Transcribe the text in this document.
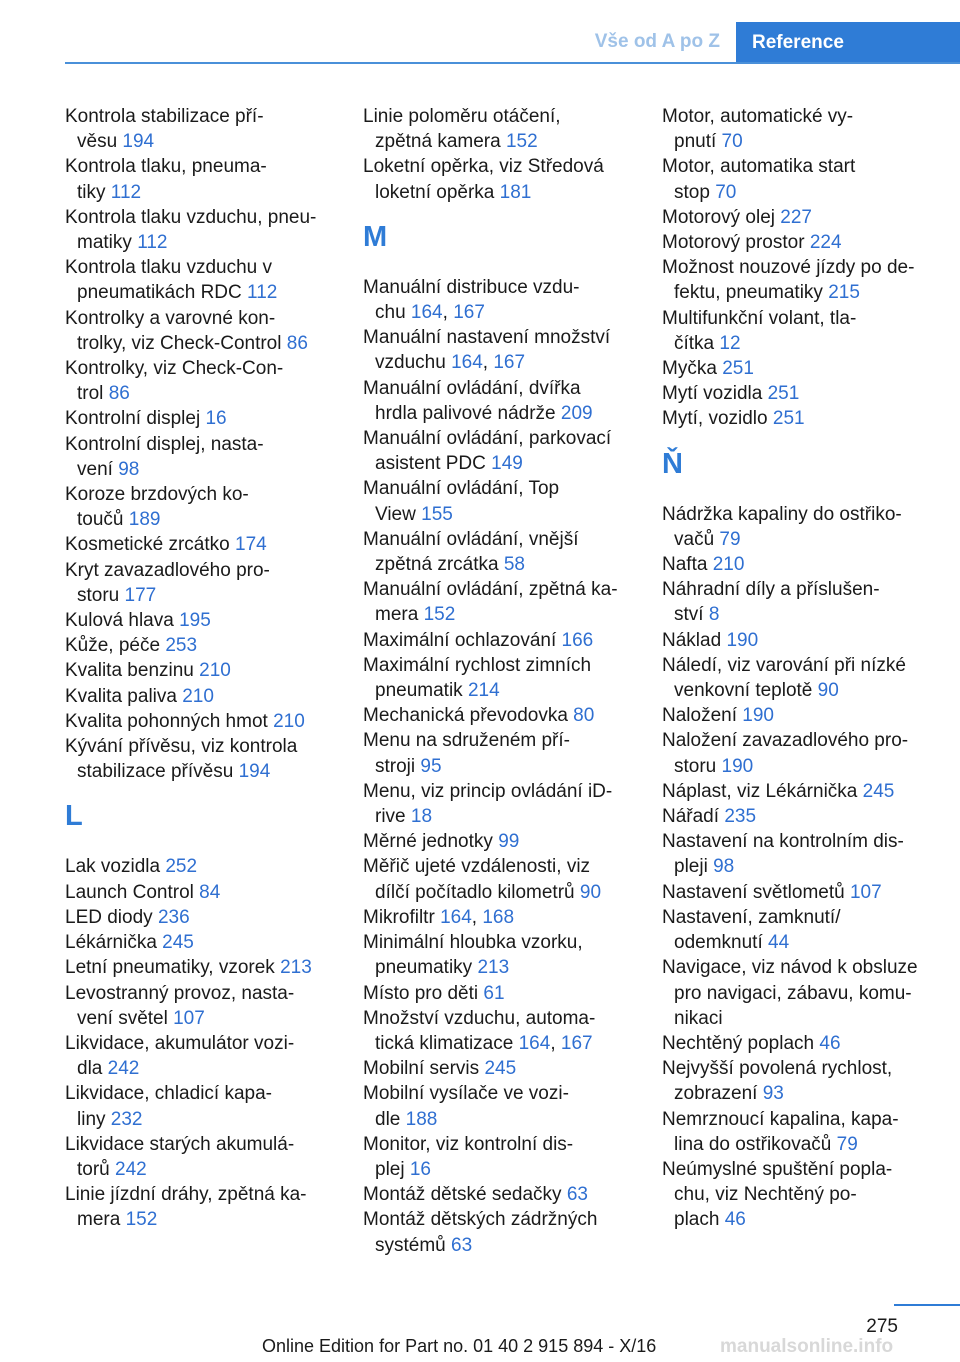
Vše od A po Z	Reference
Kontrola stabilizace pří-
věsu 194
Kontrola tlaku, pneuma-
tiky 112
Kontrola tlaku vzduchu, pneu-
matiky 112
Kontrola tlaku vzduchu v
pneumatikách RDC 112
Kontrolky a varovné kon-
trolky, viz Check-Control 86
Kontrolky, viz Check-Con-
trol 86
Kontrolní displej 16
Kontrolní displej, nasta-
vení 98
Koroze brzdových ko-
toučů 189
Kosmetické zrcátko 174
Kryt zavazadlového pro-
storu 177
Kulová hlava 195
Kůže, péče 253
Kvalita benzinu 210
Kvalita paliva 210
Kvalita pohonných hmot 210
Kývání přívěsu, viz kontrola
stabilizace přívěsu 194
L
Lak vozidla 252
Launch Control 84
LED diody 236
Lékárnička 245
Letní pneumatiky, vzorek 213
Levostranný provoz, nasta-
vení světel 107
Likvidace, akumulátor vozi-
dla 242
Likvidace, chladicí kapa-
liny 232
Likvidace starých akumulá-
torů 242
Linie jízdní dráhy, zpětná ka-
mera 152
Linie poloměru otáčení,
zpětná kamera 152
Loketní opěrka, viz Středová
loketní opěrka 181
M
Manuální distribuce vzdu-
chu 164, 167
Manuální nastavení množství
vzduchu 164, 167
Manuální ovládání, dvířka
hrdla palivové nádrže 209
Manuální ovládání, parkovací
asistent PDC 149
Manuální ovládání, Top
View 155
Manuální ovládání, vnější
zpětná zrcátka 58
Manuální ovládání, zpětná ka-
mera 152
Maximální ochlazování 166
Maximální rychlost zimních
pneumatik 214
Mechanická převodovka 80
Menu na sdruženém pří-
stroji 95
Menu, viz princip ovládání iD-
rive 18
Měrné jednotky 99
Měřič ujeté vzdálenosti, viz
dílčí počítadlo kilometrů 90
Mikrofiltr 164, 168
Minimální hloubka vzorku,
pneumatiky 213
Místo pro děti 61
Množství vzduchu, automa-
tická klimatizace 164, 167
Mobilní servis 245
Mobilní vysílače ve vozi-
dle 188
Monitor, viz kontrolní dis-
plej 16
Montáž dětské sedačky 63
Montáž dětských zádržných
systémů 63
Motor, automatické vy-
pnutí 70
Motor, automatika start
stop 70
Motorový olej 227
Motorový prostor 224
Možnost nouzové jízdy po de-
fektu, pneumatiky 215
Multifunkční volant, tla-
čítka 12
Myčka 251
Mytí vozidla 251
Mytí, vozidlo 251
Ň
Nádržka kapaliny do ostřiko-
vačů 79
Nafta 210
Náhradní díly a příslušen-
ství 8
Náklad 190
Náledí, viz varování při nízké
venkovní teplotě 90
Naložení 190
Naložení zavazadlového pro-
storu 190
Náplast, viz Lékárnička 245
Nářadí 235
Nastavení na kontrolním dis-
pleji 98
Nastavení světlometů 107
Nastavení, zamknutí/
odemknutí 44
Navigace, viz návod k obsluze
pro navigaci, zábavu, komu-
nikaci
Nechtěný poplach 46
Nejvyšší povolená rychlost,
zobrazení 93
Nemrznoucí kapalina, kapa-
lina do ostřikovačů 79
Neúmyslné spuštění popla-
chu, viz Nechtěný po-
plach 46
275
Online Edition for Part no. 01 40 2 915 894 - X/16	manualsonline.info
